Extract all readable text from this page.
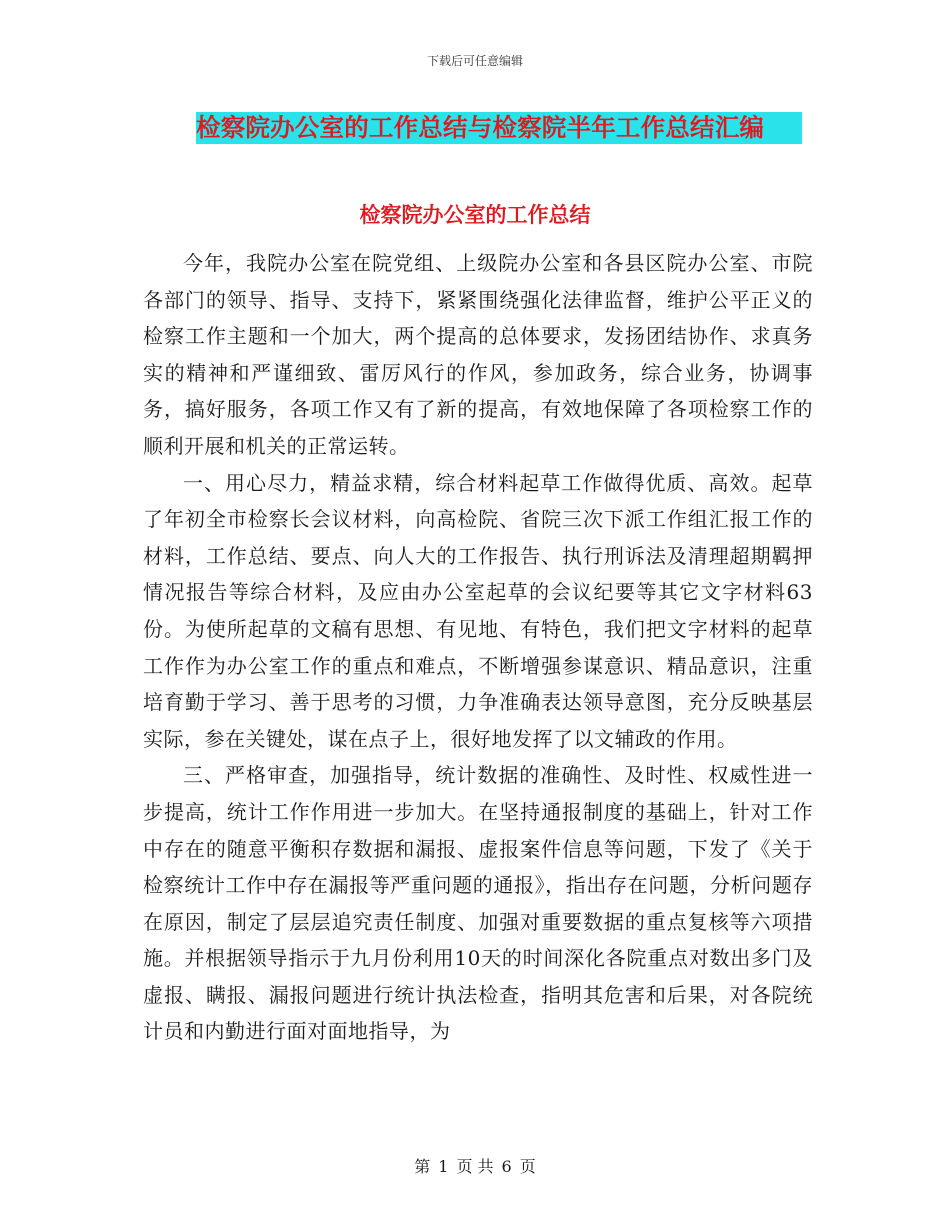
下载后可任意编辑
检察院办公室的工作总结与检察院半年工作总结汇编
检察院办公室的工作总结

今年，我院办公室在院党组、上级院办公室和各县区院办公室、市院各部门的领导、指导、支持下，紧紧围绕强化法律监督，维护公平正义的检察工作主题和一个加大，两个提高的总体要求，发扬团结协作、求真务实的精神和严谨细致、雷厉风行的作风，参加政务，综合业务，协调事务，搞好服务，各项工作又有了新的提高，有效地保障了各项检察工作的顺利开展和机关的正常运转。

一、用心尽力，精益求精，综合材料起草工作做得优质、高效。起草了年初全市检察长会议材料，向高检院、省院三次下派工作组汇报工作的材料，工作总结、要点、向人大的工作报告、执行刑诉法及清理超期羁押情况报告等综合材料，及应由办公室起草的会议纪要等其它文字材料63份。为使所起草的文稿有思想、有见地、有特色，我们把文字材料的起草工作作为办公室工作的重点和难点，不断增强参谋意识、精品意识，注重培育勤于学习、善于思考的习惯，力争准确表达领导意图，充分反映基层实际，参在关键处，谋在点子上，很好地发挥了以文辅政的作用。

三、严格审查，加强指导，统计数据的准确性、及时性、权威性进一步提高，统计工作作用进一步加大。在坚持通报制度的基础上，针对工作中存在的随意平衡积存数据和漏报、虚报案件信息等问题，下发了《关于检察统计工作中存在漏报等严重问题的通报》，指出存在问题，分析问题存在原因，制定了层层追究责任制度、加强对重要数据的重点复核等六项措施。并根据领导指示于九月份利用10天的时间深化各院重点对数出多门及虚报、瞒报、漏报问题进行统计执法检查，指明其危害和后果，对各院统计员和内勤进行面对面地指导，为

第 1 页 共 6 页
